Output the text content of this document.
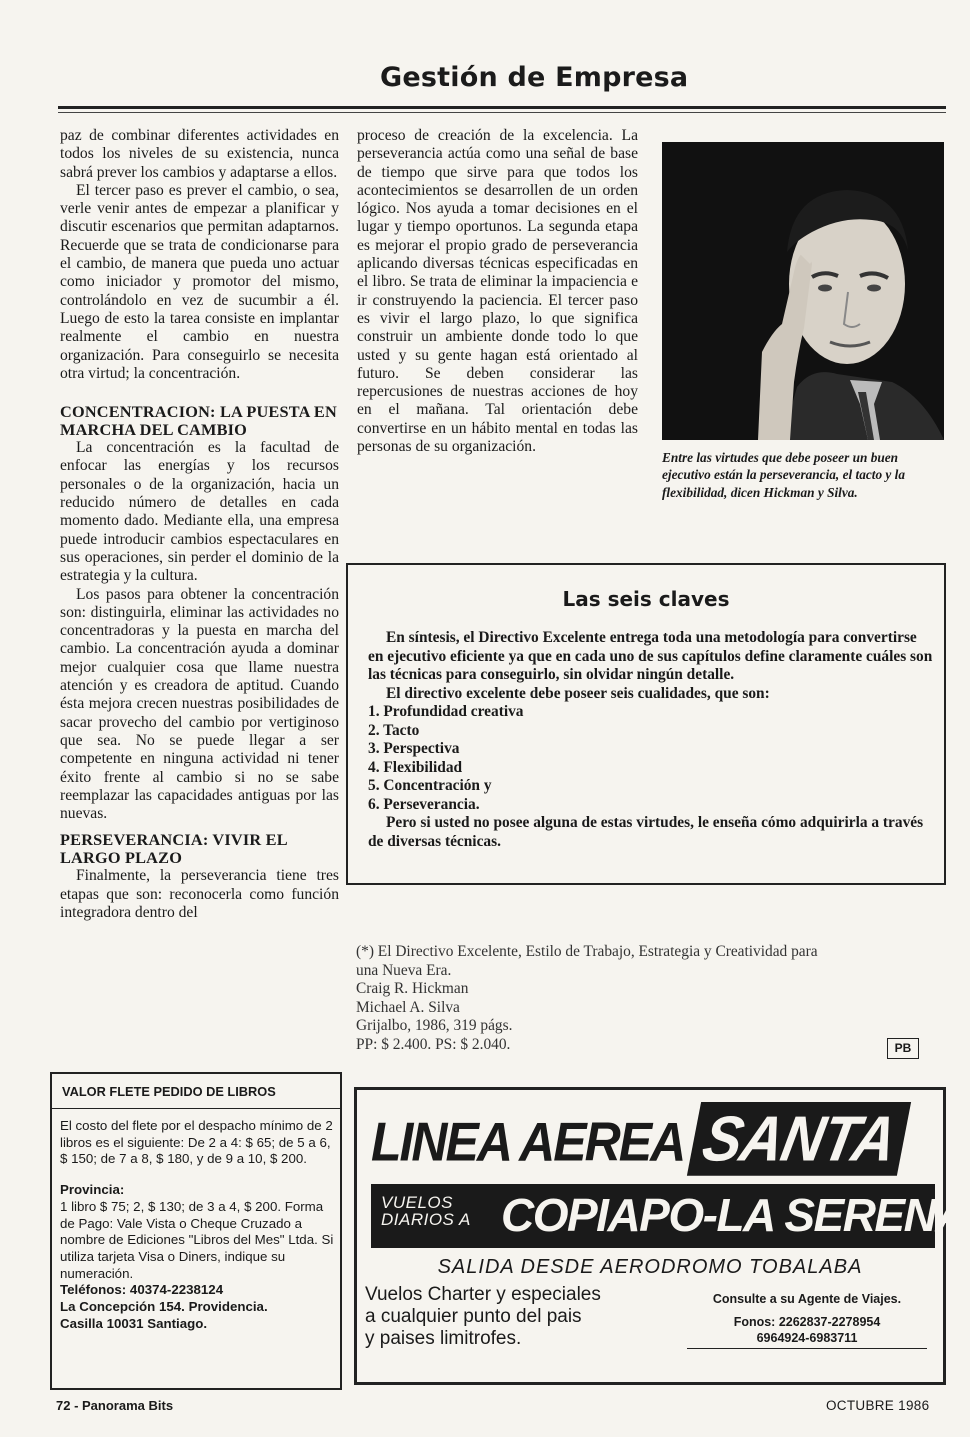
Gestión de Empresa

paz de combinar diferentes actividades en todos los niveles de su existencia, nunca sabrá prever los cambios y adaptarse a ellos.

El tercer paso es prever el cambio, o sea, verle venir antes de empezar a planificar y discutir escenarios que permitan adaptarnos. Recuerde que se trata de condicionarse para el cambio, de manera que pueda uno actuar como iniciador y promotor del mismo, controlándolo en vez de sucumbir a él. Luego de esto la tarea consiste en implantar realmente el cambio en nuestra organización. Para conseguirlo se necesita otra virtud; la concentración.

CONCENTRACION: LA PUESTA EN MARCHA DEL CAMBIO

La concentración es la facultad de enfocar las energías y los recursos personales o de la organización, hacia un reducido número de detalles en cada momento dado. Mediante ella, una empresa puede introducir cambios espectaculares en sus operaciones, sin perder el dominio de la estrategia y la cultura.

Los pasos para obtener la concentración son: distinguirla, eliminar las actividades no concentradoras y la puesta en marcha del cambio. La concentración ayuda a dominar mejor cualquier cosa que llame nuestra atención y es creadora de aptitud. Cuando ésta mejora crecen nuestras posibilidades de sacar provecho del cambio por vertiginoso que sea. No se puede llegar a ser competente en ninguna actividad ni tener éxito frente al cambio si no se sabe reemplazar las capacidades antiguas por las nuevas.

PERSEVERANCIA: VIVIR EL LARGO PLAZO

Finalmente, la perseverancia tiene tres etapas que son: reconocerla como función integradora dentro del

proceso de creación de la excelencia. La perseverancia actúa como una señal de base de tiempo que sirve para que todos los acontecimientos se desarrollen de un orden lógico. Nos ayuda a tomar decisiones en el lugar y tiempo oportunos. La segunda etapa es mejorar el propio grado de perseverancia aplicando diversas técnicas especificadas en el libro. Se trata de eliminar la impaciencia e ir construyendo la paciencia. El tercer paso es vivir el largo plazo, lo que significa construir un ambiente donde todo lo que usted y su gente hagan está orientado al futuro. Se deben considerar las repercusiones de nuestras acciones de hoy en el mañana. Tal orientación debe convertirse en un hábito mental en todas las personas de su organización.

Entre las virtudes que debe poseer un buen ejecutivo están la perseverancia, el tacto y la flexibilidad, dicen Hickman y Silva.
Las seis claves

En síntesis, el Directivo Excelente entrega toda una metodología para convertirse en ejecutivo eficiente ya que en cada uno de sus capítulos define claramente cuáles son las técnicas para conseguirlo, sin olvidar ningún detalle.

El directivo excelente debe poseer seis cualidades, que son:

1. Profundidad creativa
2. Tacto
3. Perspectiva
4. Flexibilidad
5. Concentración y
6. Perseverancia.

Pero si usted no posee alguna de estas virtudes, le enseña cómo adquirirla a través de diversas técnicas.

(*) El Directivo Excelente, Estilo de Trabajo, Estrategia y Creatividad para
una Nueva Era.
Craig R. Hickman
Michael A. Silva
Grijalbo, 1986, 319 págs.
PP: $ 2.400. PS: $ 2.040.	PB
VALOR FLETE PEDIDO DE LIBROS
El costo del flete por el despacho mínimo de 2 libros es el siguiente: De 2 a 4: $ 65; de 5 a 6, $ 150; de 7 a 8, $ 180, y de 9 a 10, $ 200.
Provincia:
1 libro $ 75; 2, $ 130; de 3 a 4, $ 200. Forma de Pago: Vale Vista o Cheque Cruzado a nombre de Ediciones "Libros del Mes" Ltda. Si utiliza tarjeta Visa o Diners, indique su numeración.
Teléfonos: 40374-2238124
La Concepción 154. Providencia.
Casilla 10031 Santiago.
LINEA AEREA SANTA
VUELOS DIARIOS A COPIAPO-LA SERENA
SALIDA DESDE AERODROMO TOBALABA
Vuelos Charter y especiales
a cualquier punto del pais
y paises limitrofes.
Consulte a su Agente de Viajes.
Fonos: 2262837-2278954
6964924-6983711
72 - Panorama Bits	OCTUBRE 1986
